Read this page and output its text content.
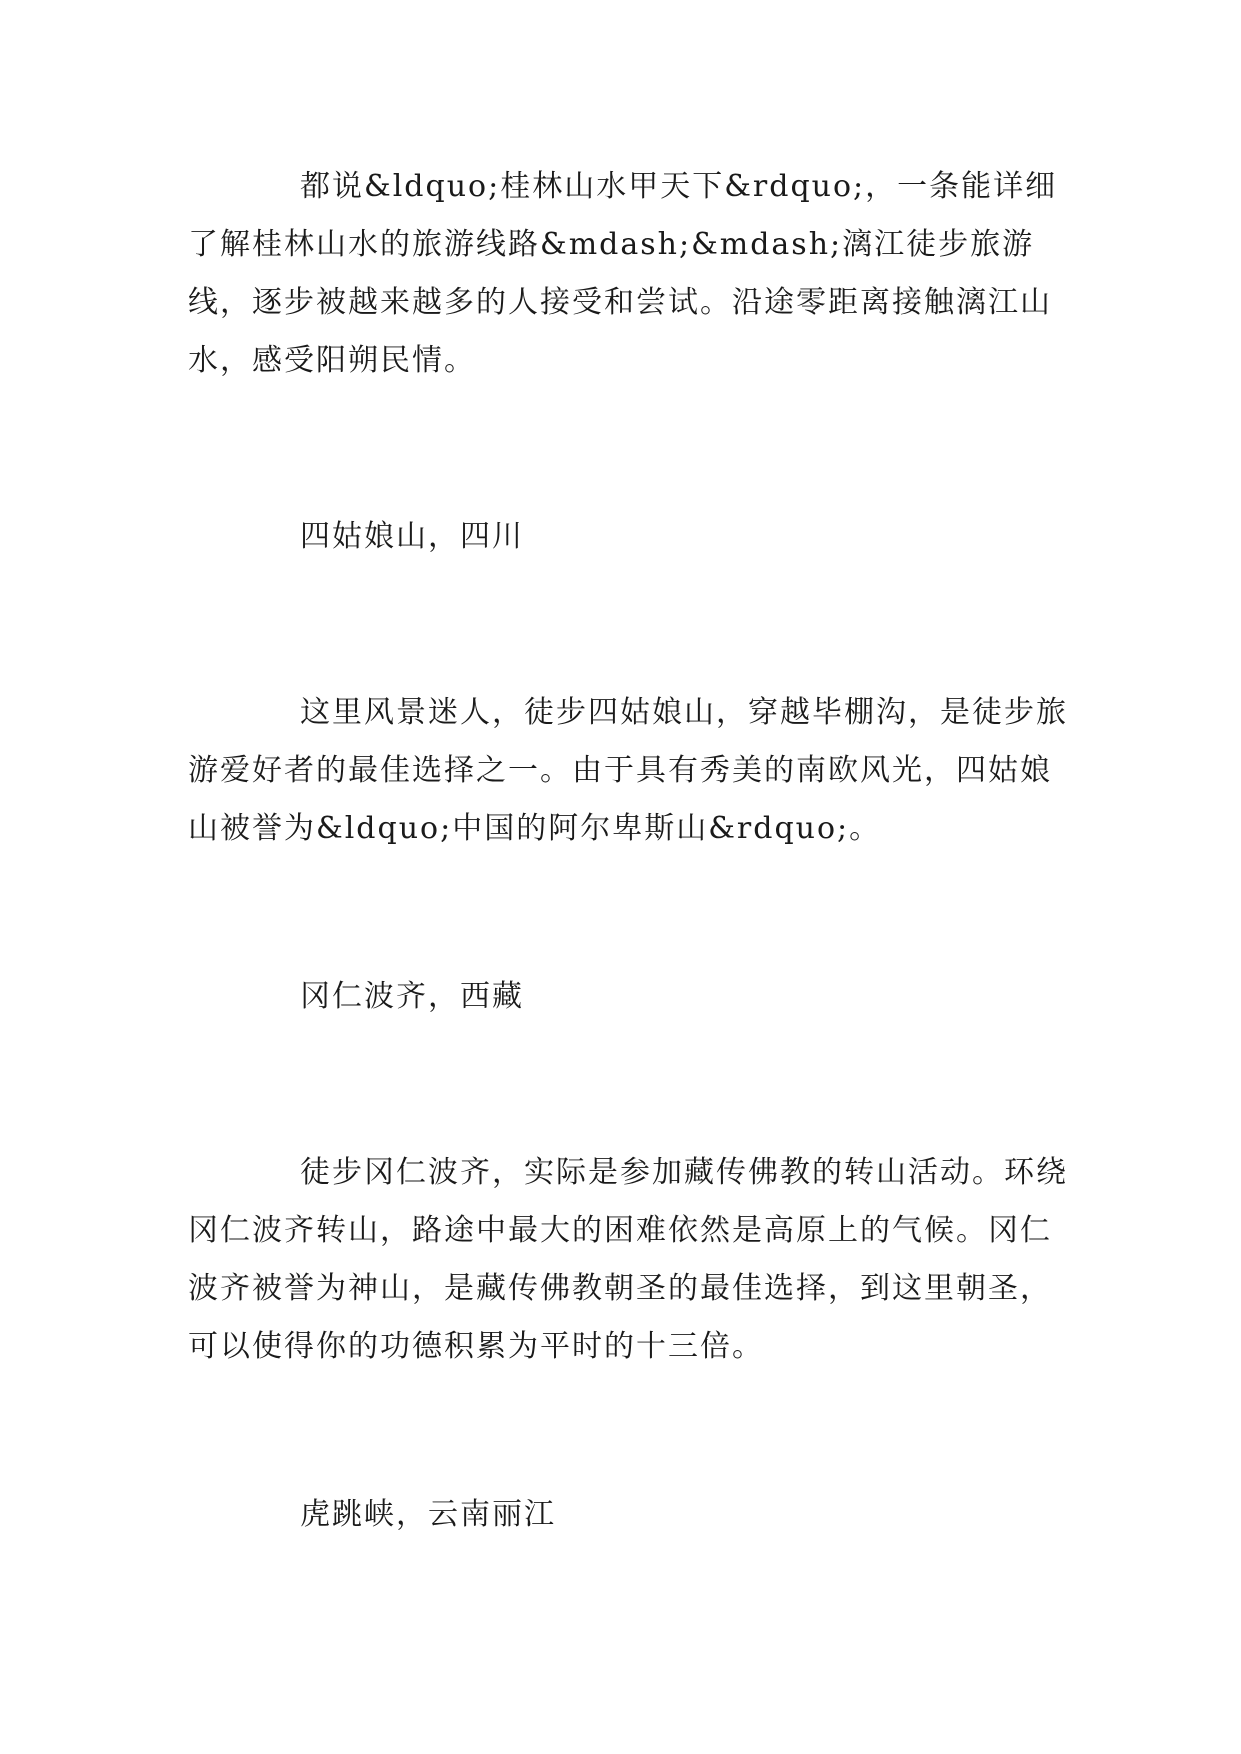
都说&ldquo;桂林山水甲天下&rdquo;，一条能详细了解桂林山水的旅游线路&mdash;&mdash;漓江徒步旅游线，逐步被越来越多的人接受和尝试。沿途零距离接触漓江山水，感受阳朔民情。

四姑娘山，四川

这里风景迷人，徒步四姑娘山，穿越毕棚沟，是徒步旅游爱好者的最佳选择之一。由于具有秀美的南欧风光，四姑娘山被誉为&ldquo;中国的阿尔卑斯山&rdquo;。

冈仁波齐，西藏

徒步冈仁波齐，实际是参加藏传佛教的转山活动。环绕冈仁波齐转山，路途中最大的困难依然是高原上的气候。冈仁波齐被誉为神山，是藏传佛教朝圣的最佳选择，到这里朝圣，可以使得你的功德积累为平时的十三倍。

虎跳峡，云南丽江
